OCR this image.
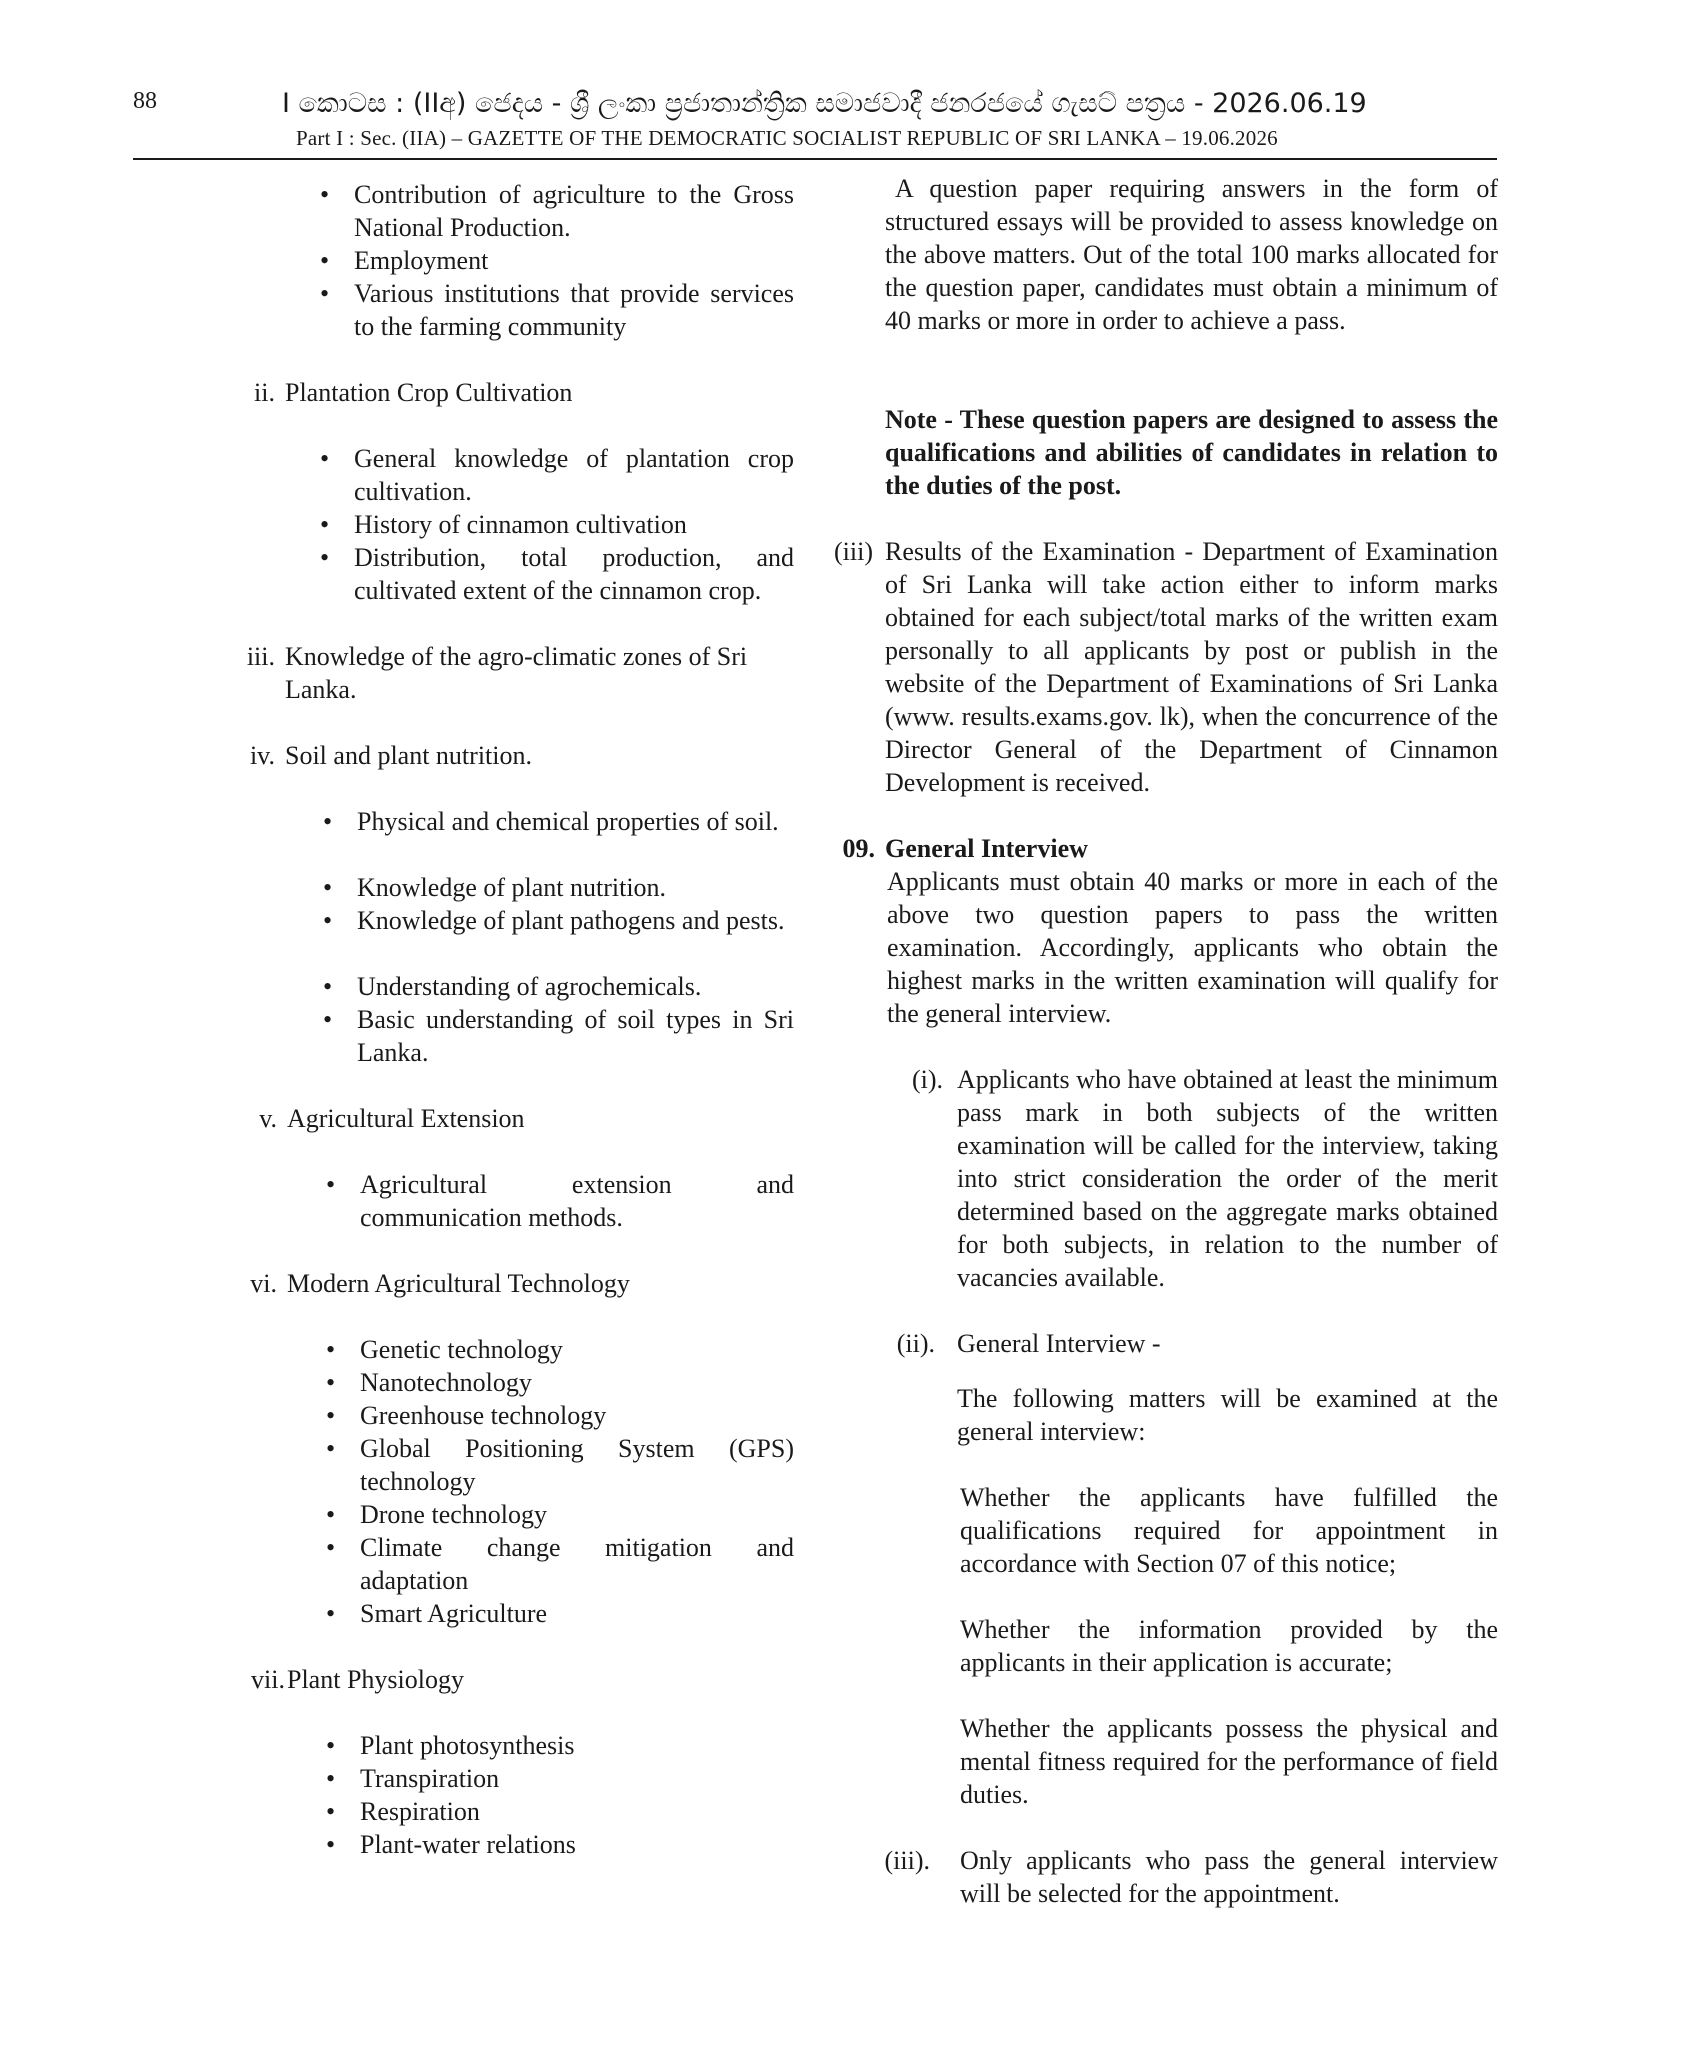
88	I කොටස : (IIඅ) ජෙදය - ශ්‍රී ලංකා ප්‍රජාතාන්ත්‍රික සමාජවාදී ජනරජයේ ගැසට් පත්‍රය - 2026.06.19
Part I : Sec. (IIA) – GAZETTE OF THE DEMOCRATIC SOCIALIST REPUBLIC OF SRI LANKA – 19.06.2026
• Contribution of agriculture to the Gross National Production.
• Employment
• Various institutions that provide services to the farming community
ii. Plantation Crop Cultivation
• General knowledge of plantation crop cultivation.
• History of cinnamon cultivation
• Distribution, total production, and cultivated extent of the cinnamon crop.
iii. Knowledge of the agro-climatic zones of Sri Lanka.
iv. Soil and plant nutrition.
• Physical and chemical properties of soil.
• Knowledge of plant nutrition.
• Knowledge of plant pathogens and pests.
• Understanding of agrochemicals.
• Basic understanding of soil types in Sri Lanka.
v. Agricultural Extension
• Agricultural extension and communication methods.
vi. Modern Agricultural Technology
• Genetic technology
• Nanotechnology
• Greenhouse technology
• Global Positioning System (GPS) technology
• Drone technology
• Climate change mitigation and adaptation
• Smart Agriculture
vii. Plant Physiology
• Plant photosynthesis
• Transpiration
• Respiration
• Plant-water relations
A question paper requiring answers in the form of structured essays will be provided to assess knowledge on the above matters. Out of the total 100 marks allocated for the question paper, candidates must obtain a minimum of 40 marks or more in order to achieve a pass.
Note - These question papers are designed to assess the qualifications and abilities of candidates in relation to the duties of the post.
(iii) Results of the Examination - Department of Examination of Sri Lanka will take action either to inform marks obtained for each subject/total marks of the written exam personally to all applicants by post or publish in the website of the Department of Examinations of Sri Lanka (www. results.exams.gov. lk), when the concurrence of the Director General of the Department of Cinnamon Development is received.
09. General Interview
Applicants must obtain 40 marks or more in each of the above two question papers to pass the written examination. Accordingly, applicants who obtain the highest marks in the written examination will qualify for the general interview.
(i). Applicants who have obtained at least the minimum pass mark in both subjects of the written examination will be called for the interview, taking into strict consideration the order of the merit determined based on the aggregate marks obtained for both subjects, in relation to the number of vacancies available.
(ii). General Interview -
The following matters will be examined at the general interview:
Whether the applicants have fulfilled the qualifications required for appointment in accordance with Section 07 of this notice;
Whether the information provided by the applicants in their application is accurate;
Whether the applicants possess the physical and mental fitness required for the performance of field duties.
(iii). Only applicants who pass the general interview will be selected for the appointment.
